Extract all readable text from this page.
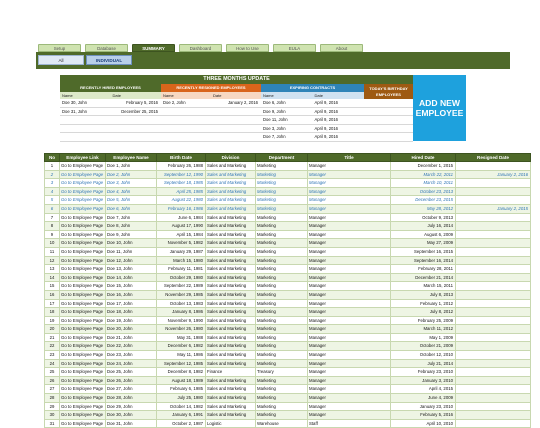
Setup	Database	SUMMARY	Dashboard	How to Use	EULA	About
All	INDIVIDUAL
THREE MONTHS UPDATE
RECENTLY HIRED EMPLOYEES
Name	Date
Doe 30, John	February 5, 2016
Doe 31, John	December 25, 2015
RECENTLY RESIGNED EMPLOYEES
Name	Date
Doe 2, John	January 2, 2016
EXPIRING CONTRACTS
Name	Date
Doe 6, John	April 9, 2016
Doe 9, John	April 9, 2016
Doe 11, John	April 9, 2016
Doe 3, John	April 9, 2016
Doe 7, John	April 9, 2016
TODAY'S BIRTHDAY EMPLOYEES
ADD NEW EMPLOYEE
No	Employee Link	Employee Name	Birth Date	Division	Department	Title	Hired Date	Resigned Date
1	Go to Employee Page	Doe 1, John	February 26, 1988	Sales and Marketing	Marketing	Manager	December 1, 2015	
2	Go to Employee Page	Doe 2, John	September 12, 1990	Sales and Marketing	Marketing	Manager	March 22, 2011	January 2, 2016
3	Go to Employee Page	Doe 3, John	September 18, 1985	Sales and Marketing	Marketing	Manager	March 10, 2011	
4	Go to Employee Page	Doe 4, John	April 25, 1985	Sales and Marketing	Marketing	Manager	October 23, 2013	
5	Go to Employee Page	Doe 5, John	August 22, 1980	Sales and Marketing	Marketing	Manager	December 23, 2015	
6	Go to Employee Page	Doe 6, John	February 16, 1986	Sales and Marketing	Marketing	Manager	May 28, 2012	January 2, 2015
7	Go to Employee Page	Doe 7, John	June 6, 1984	Sales and Marketing	Marketing	Manager	October 9, 2013	
8	Go to Employee Page	Doe 8, John	August 17, 1990	Sales and Marketing	Marketing	Manager	July 16, 2014	
9	Go to Employee Page	Doe 9, John	April 15, 1984	Sales and Marketing	Marketing	Manager	August 6, 2009	
10	Go to Employee Page	Doe 10, John	November 5, 1982	Sales and Marketing	Marketing	Manager	May 27, 2009	
11	Go to Employee Page	Doe 11, John	January 29, 1987	Sales and Marketing	Marketing	Manager	September 16, 2015	
12	Go to Employee Page	Doe 12, John	March 15, 1980	Sales and Marketing	Marketing	Manager	September 16, 2014	
13	Go to Employee Page	Doe 13, John	February 11, 1981	Sales and Marketing	Marketing	Manager	February 28, 2011	
14	Go to Employee Page	Doe 14, John	October 29, 1980	Sales and Marketing	Marketing	Manager	December 21, 2014	
15	Go to Employee Page	Doe 15, John	September 22, 1989	Sales and Marketing	Marketing	Manager	March 15, 2011	
16	Go to Employee Page	Doe 16, John	November 29, 1985	Sales and Marketing	Marketing	Manager	July 8, 2013	
17	Go to Employee Page	Doe 17, John	October 13, 1983	Sales and Marketing	Marketing	Manager	February 1, 2012	
18	Go to Employee Page	Doe 18, John	January 8, 1986	Sales and Marketing	Marketing	Manager	July 8, 2012	
19	Go to Employee Page	Doe 19, John	November 9, 1990	Sales and Marketing	Marketing	Manager	February 25, 2009	
20	Go to Employee Page	Doe 20, John	November 26, 1980	Sales and Marketing	Marketing	Manager	March 11, 2012	
21	Go to Employee Page	Doe 21, John	May 31, 1988	Sales and Marketing	Marketing	Manager	May 1, 2009	
22	Go to Employee Page	Doe 22, John	December 6, 1982	Sales and Marketing	Marketing	Manager	October 21, 2009	
23	Go to Employee Page	Doe 23, John	May 11, 1986	Sales and Marketing	Marketing	Manager	October 12, 2010	
24	Go to Employee Page	Doe 24, John	September 12, 1985	Sales and Marketing	Marketing	Manager	July 21, 2014	
25	Go to Employee Page	Doe 25, John	December 8, 1982	Finance	Treasury	Manager	February 23, 2010	
26	Go to Employee Page	Doe 26, John	August 18, 1989	Sales and Marketing	Marketing	Manager	January 3, 2010	
27	Go to Employee Page	Doe 27, John	February 6, 1985	Sales and Marketing	Marketing	Manager	April 4, 2015	
28	Go to Employee Page	Doe 28, John	July 25, 1980	Sales and Marketing	Marketing	Manager	June 4, 2009	
29	Go to Employee Page	Doe 29, John	October 14, 1982	Sales and Marketing	Marketing	Manager	January 23, 2010	
30	Go to Employee Page	Doe 30, John	January 6, 1991	Sales and Marketing	Marketing	Manager	February 5, 2016	
31	Go to Employee Page	Doe 31, John	October 2, 1987	Logistic	Warehouse	Staff	April 10, 2010	
